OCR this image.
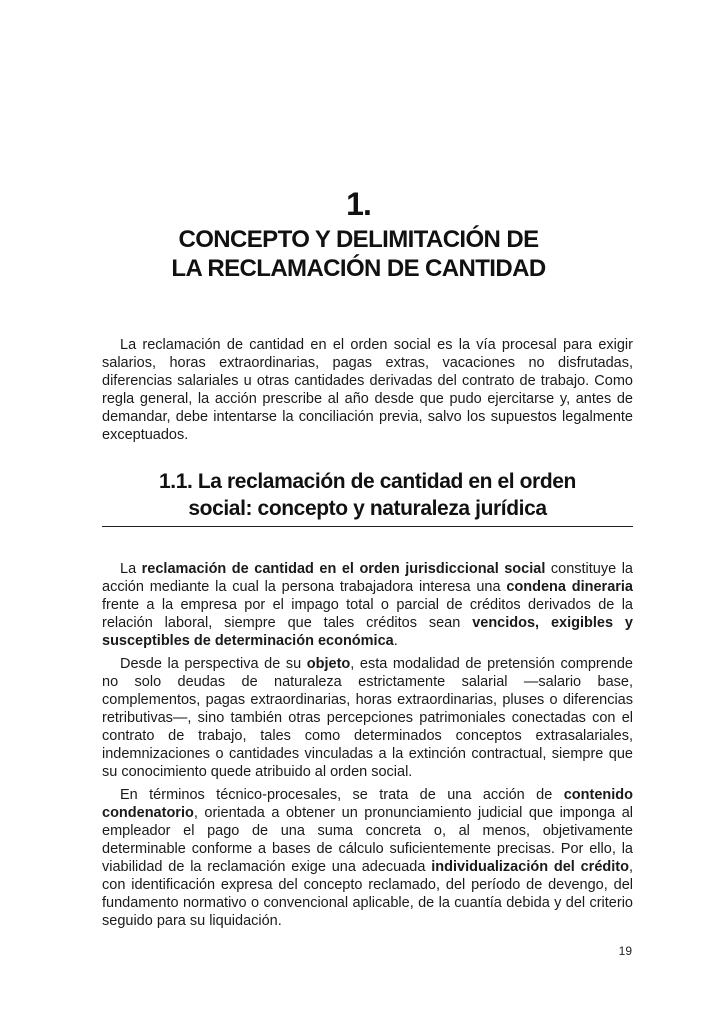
1.
CONCEPTO Y DELIMITACIÓN DE
LA RECLAMACIÓN DE CANTIDAD

La reclamación de cantidad en el orden social es la vía procesal para exigir salarios, horas extraordinarias, pagas extras, vacaciones no disfrutadas, diferencias salariales u otras cantidades derivadas del contrato de trabajo. Como regla general, la acción prescribe al año desde que pudo ejercitarse y, antes de demandar, debe intentarse la conciliación previa, salvo los supuestos legalmente exceptuados.

1.1. La reclamación de cantidad en el orden
social: concepto y naturaleza jurídica

La reclamación de cantidad en el orden jurisdiccional social constituye la acción mediante la cual la persona trabajadora interesa una condena dineraria frente a la empresa por el impago total o parcial de créditos derivados de la relación laboral, siempre que tales créditos sean vencidos, exigibles y susceptibles de determinación económica.

Desde la perspectiva de su objeto, esta modalidad de pretensión comprende no solo deudas de naturaleza estrictamente salarial —salario base, complementos, pagas extraordinarias, horas extraordinarias, pluses o diferencias retributivas—, sino también otras percepciones patrimoniales conectadas con el contrato de trabajo, tales como determinados conceptos extrasalariales, indemnizaciones o cantidades vinculadas a la extinción contractual, siempre que su conocimiento quede atribuido al orden social.

En términos técnico-procesales, se trata de una acción de contenido condenatorio, orientada a obtener un pronunciamiento judicial que imponga al empleador el pago de una suma concreta o, al menos, objetivamente determinable conforme a bases de cálculo suficientemente precisas. Por ello, la viabilidad de la reclamación exige una adecuada individualización del crédito, con identificación expresa del concepto reclamado, del período de devengo, del fundamento normativo o convencional aplicable, de la cuantía debida y del criterio seguido para su liquidación.

19
